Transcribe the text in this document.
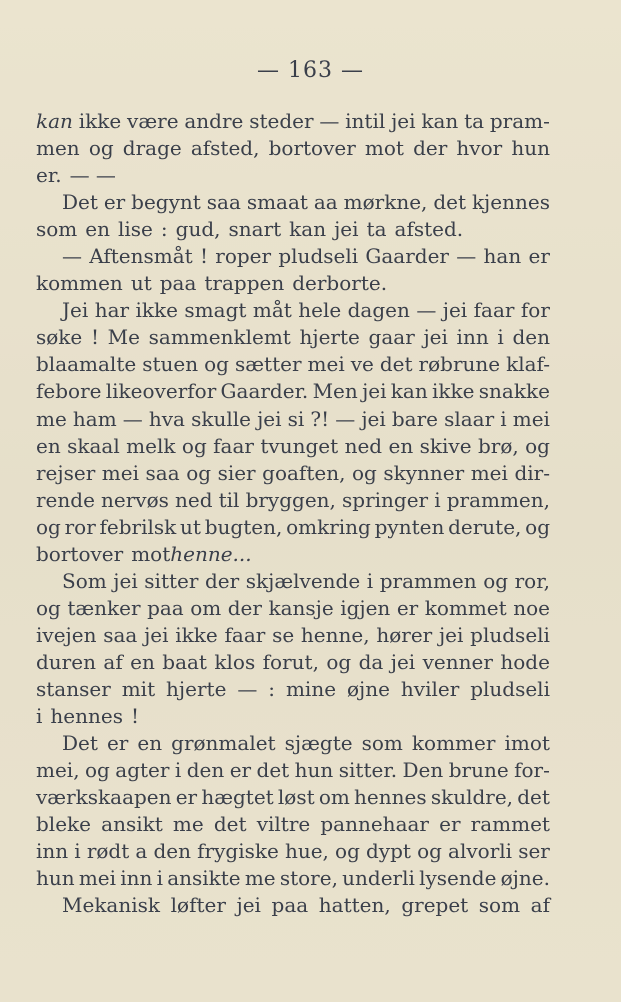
— 163 —
kan ikke være andre steder — intil jei kan ta pram-
men og drage afsted, bortover mot der hvor hun
er. — —
Det er begynt saa smaat aa mørkne, det kjennes
som en lise : gud, snart kan jei ta afsted.
— Aftensmåt ! roper pludseli Gaarder — han er
kommen ut paa trappen derborte.
Jei har ikke smagt måt hele dagen — jei faar for
søke ! Me sammenklemt hjerte gaar jei inn i den
blaamalte stuen og sætter mei ve det røbrune klaf-
febore likeoverfor Gaarder. Men jei kan ikke snakke
me ham — hva skulle jei si ?! — jei bare slaar i mei
en skaal melk og faar tvunget ned en skive brø, og
rejser mei saa og sier goaften, og skynner mei dir-
rende nervøs ned til bryggen, springer i prammen,
og ror febrilsk ut bugten, omkring pynten derute, og
bortover mot henne...
Som jei sitter der skjælvende i prammen og ror,
og tænker paa om der kansje igjen er kommet noe
ivejen saa jei ikke faar se henne, hører jei pludseli
duren af en baat klos forut, og da jei venner hode
stanser mit hjerte — : mine øjne hviler pludseli
i hennes !
Det er en grønmalet sjægte som kommer imot
mei, og agter i den er det hun sitter. Den brune for-
værkskaapen er hægtet løst om hennes skuldre, det
bleke ansikt me det viltre pannehaar er rammet
inn i rødt a den frygiske hue, og dypt og alvorli ser
hun mei inn i ansikte me store, underli lysende øjne.
Mekanisk løfter jei paa hatten, grepet som af
